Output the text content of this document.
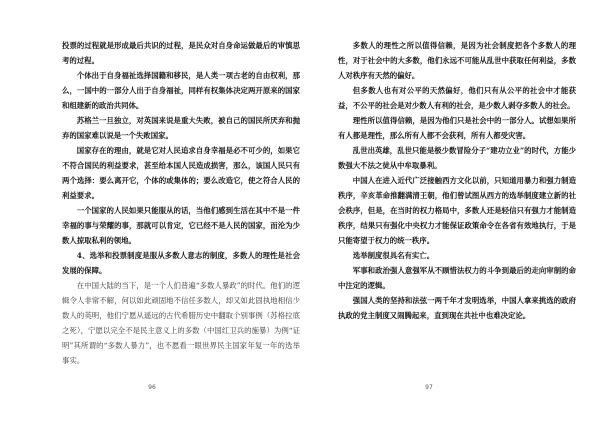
投票的过程就是形成最后共识的过程，是民众对自身命运做最后的审慎思考的过程。

个体出于自身福祉选择国籍和移民，是人类一项古老的自由权利，那么，一国中的一部分人出于自身福祉，同样有权集体决定两开原来的国家和组建新的政治共同体。

苏格兰一旦独立，对英国来说是重大失败，被自己的国民所厌弃和抛弃的国家难以说是一个失败国家。

国家存在的理由，就是它对人民追求自身幸福是必不可少的，如果它不符合国民的利益要求，甚至给本国人民造成损害，那么，该国人民只有两个选择：要么离开它，个体的或集体的；要么改造它，使之符合人民的利益要求。

一个国家的人民如果只能服从的话，当他们感到生活在其中不是一件幸福的事与荣耀的事，那就可以肯定，它已经不是人民的国家，而沦为少数人掠取私利的领地。

4、选举和投票制度是服从多数人意志的制度，多数人的理性是社会发展的保障。

在中国大陆的当下，是一个人们普遍“多数人暴政”的时代。他们的逻辑令人非常不解，何以如此顽固地不信任多数人，却又如此固执地相信少数人的英明，他们宁愿从遥远的古代希腊历史中翻取个别事例（苏格拉底之死），宁愿以完全不是民主意义上的多数（中国红卫兵的施暴）为例“证明”其所谓的“多数人暴力”，也不愿看一眼世界民主国家年复一年的选举事实。

多数人的理性之所以值得信赖，是因为社会制度把各个多数人的理性，对于社会中的大多数，他们永远不可能从乱世中获取任何利益，多数人对秩序有天然的偏好。

但多数人也有对公平的天然偏好，他们只有从公平的社会中才能获益，不公平的社会是对少数人有利的社会，是少数人剥夺多数人的社会。

理性所以值得信赖，是因为他们只是社会中的一部分人。试想如果所有人都是理性，那么所有人都不会获利，所有人都受灾害。

乱世出英雄，乱世只能是极少数冒险分子“建功立业”的时代，方能少数强大不法之徒从中牟取暴利。

中国人在进入近代广泛接触西方文化以前，只知道用暴力和强力制造秩序，辛亥革命推翻满清王朝，他们曾试图从西方的选举制度建立新的社会秩序，但是，在当时的权力格局中，多数人还是轻信只有强力才能制造秩序，结果只有强化中央权力才能保证政策命令在各省有效地执行，于是只能寄望于权力的统一秩序。

选举制度很具名有实亡。

军事和政治强人意强军从不顾惜法权力的斗争到最后的走向审制的命中注定的逻辑。

强国人类的坚持和法弦一两千年才发明选举，中国人拿来挑选的政府执政的党主制度又闹腾起来，直到现在共社中也难决定论。

96	97
